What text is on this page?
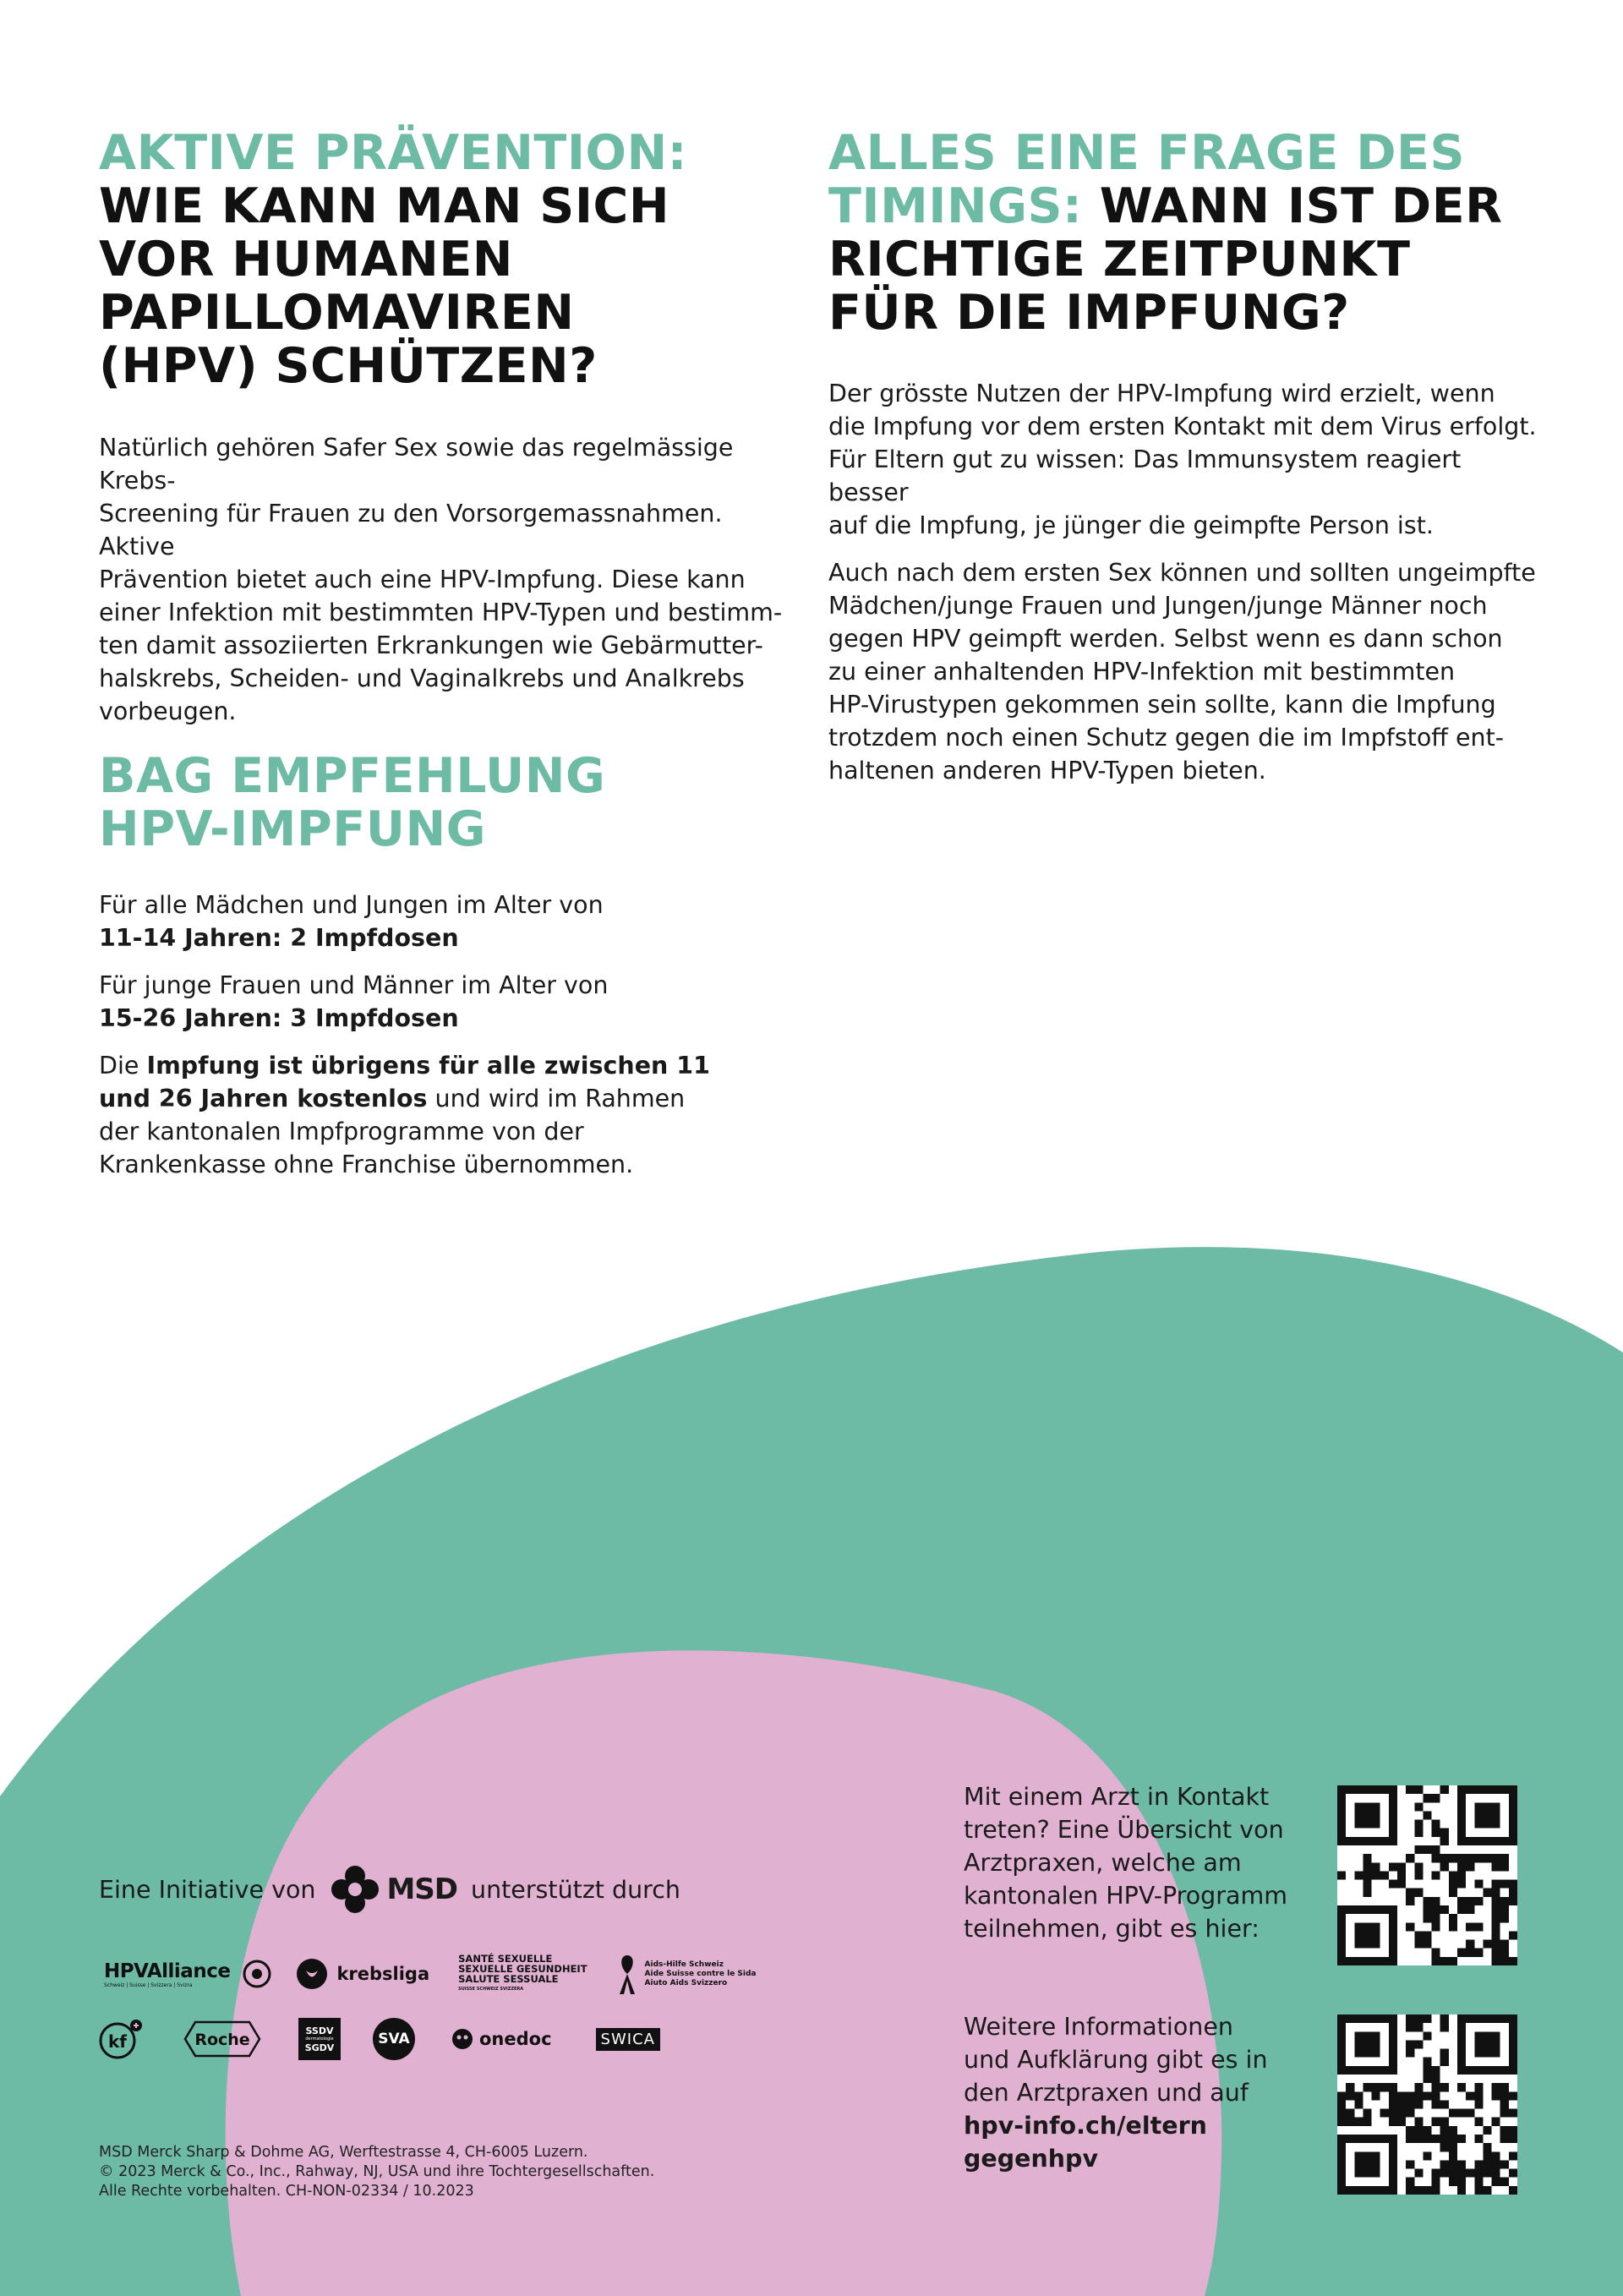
AKTIVE PRÄVENTION:
WIE KANN MAN SICH
VOR HUMANEN
PAPILLOMAVIREN
(HPV) SCHÜTZEN?

Natürlich gehören Safer Sex sowie das regelmässige Krebs-
Screening für Frauen zu den Vorsorgemassnahmen. Aktive
Prävention bietet auch eine HPV-Impfung. Diese kann
einer Infektion mit bestimmten HPV-Typen und bestimm-
ten damit assoziierten Erkrankungen wie Gebärmutter-
halskrebs, Scheiden- und Vaginalkrebs und Analkrebs
vorbeugen.

ALLES EINE FRAGE DES
TIMINGS: WANN IST DER
RICHTIGE ZEITPUNKT
FÜR DIE IMPFUNG?

Der grösste Nutzen der HPV-Impfung wird erzielt, wenn
die Impfung vor dem ersten Kontakt mit dem Virus erfolgt.
Für Eltern gut zu wissen: Das Immunsystem reagiert besser
auf die Impfung, je jünger die geimpfte Person ist.

Auch nach dem ersten Sex können und sollten ungeimpfte
Mädchen/junge Frauen und Jungen/junge Männer noch
gegen HPV geimpft werden. Selbst wenn es dann schon
zu einer anhaltenden HPV-Infektion mit bestimmten
HP-Virustypen gekommen sein sollte, kann die Impfung
trotzdem noch einen Schutz gegen die im Impfstoff ent-
haltenen anderen HPV-Typen bieten.

BAG EMPFEHLUNG
HPV-IMPFUNG

Für alle Mädchen und Jungen im Alter von
11-14 Jahren: 2 Impfdosen

Für junge Frauen und Männer im Alter von
15-26 Jahren: 3 Impfdosen

Die Impfung ist übrigens für alle zwischen 11
und 26 Jahren kostenlos und wird im Rahmen
der kantonalen Impfprogramme von der
Krankenkasse ohne Franchise übernommen.

Eine Initiative von MSD unterstützt durch
HPVAlliance
Schweiz | Suisse | Svizzera | Svizra
krebsliga
SANTÉ SEXUELLE
SEXUELLE GESUNDHEIT
SALUTE SESSUALE
SUISSE SCHWEIZ SVIZZERA
Aids-Hilfe Schweiz
Aide Suisse contre le Sida
Aiuto Aids Svizzero
kf	Roche	SSDV
dermatologie
SGDV	SVA	onedoc	SWICA
MSD Merck Sharp & Dohme AG, Werftestrasse 4, CH-6005 Luzern.
© 2023 Merck & Co., Inc., Rahway, NJ, USA und ihre Tochtergesellschaften.
Alle Rechte vorbehalten. CH-NON-02334 / 10.2023
Mit einem Arzt in Kontakt
treten? Eine Übersicht von
Arztpraxen, welche am
kantonalen HPV-Programm
teilnehmen, gibt es hier:
Weitere Informationen
und Aufklärung gibt es in
den Arztpraxen und auf
hpv-info.ch/eltern
gegenhpv
